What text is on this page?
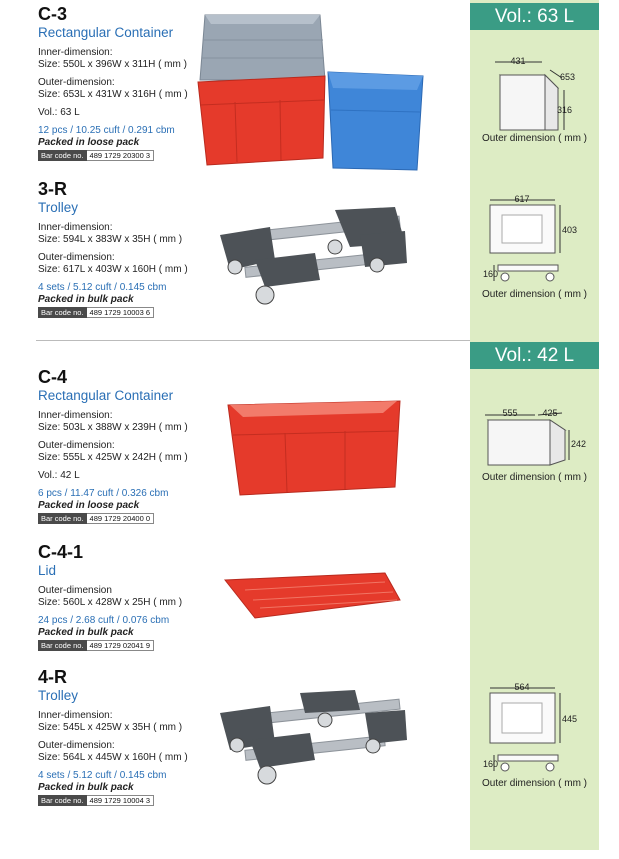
Vol.: 63 L
Vol.: 42 L
C-3
Rectangular Container
Inner-dimension:
Size: 550L x 396W x 311H ( mm )
Outer-dimension:
Size: 653L x 431W x 316H ( mm )
Vol.: 63 L
12 pcs / 10.25 cuft / 0.291 cbm
Packed in loose pack
Bar code no. 489 1729 20300 3
3-R
Trolley
Inner-dimension:
Size: 594L x 383W x 35H ( mm )
Outer-dimension:
Size: 617L x 403W x 160H ( mm )
4 sets / 5.12 cuft / 0.145 cbm
Packed in bulk pack
Bar code no. 489 1729 10003 6
C-4
Rectangular Container
Inner-dimension:
Size: 503L x 388W x 239H ( mm )
Outer-dimension:
Size: 555L x 425W x 242H ( mm )
Vol.: 42 L
6 pcs / 11.47 cuft / 0.326 cbm
Packed in loose pack
Bar code no. 489 1729 20400 0
C-4-1
Lid
Outer-dimension
Size: 560L x 428W x 25H ( mm )
24 pcs / 2.68 cuft / 0.076 cbm
Packed in bulk pack
Bar code no. 489 1729 02041 9
4-R
Trolley
Inner-dimension:
Size: 545L x 425W x 35H ( mm )
Outer-dimension:
Size: 564L x 445W x 160H ( mm )
4 sets / 5.12 cuft / 0.145 cbm
Packed in bulk pack
Bar code no. 489 1729 10004 3
431
653
316
Outer dimension ( mm )
617
403
160
Outer dimension ( mm )
555	425
242
Outer dimension ( mm )
564
445
160
Outer dimension ( mm )
